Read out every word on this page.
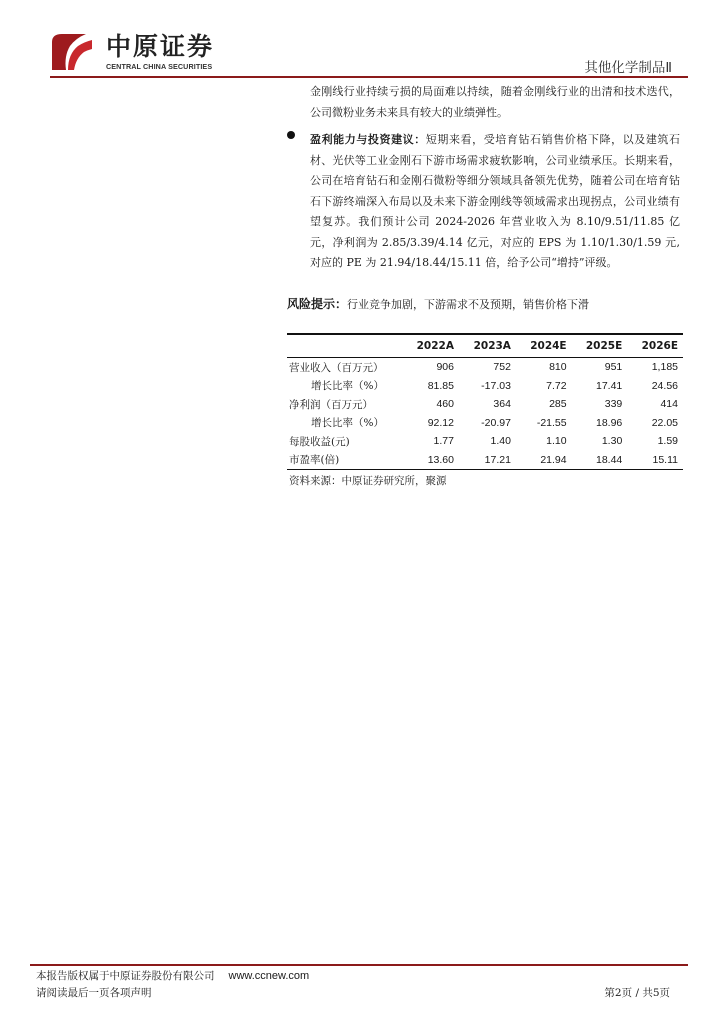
中原证券
CENTRAL CHINA SECURITIES	其他化学制品Ⅱ

金刚线行业持续亏损的局面难以持续，随着金刚线行业的出清和技术迭代，公司微粉业务未来具有较大的业绩弹性。

盈利能力与投资建议：短期来看，受培育钻石销售价格下降，以及建筑石材、光伏等工业金刚石下游市场需求疲软影响，公司业绩承压。长期来看，公司在培育钻石和金刚石微粉等细分领域具备领先优势，随着公司在培育钻石下游终端深入布局以及未来下游金刚线等领域需求出现拐点，公司业绩有望复苏。我们预计公司 2024-2026 年营业收入为 8.10/9.51/11.85 亿元，净利润为 2.85/3.39/4.14 亿元，对应的 EPS 为 1.10/1.30/1.59 元,对应的 PE 为 21.94/18.44/15.11 倍，给予公司“增持”评级。

风险提示：行业竞争加剧，下游需求不及预期，销售价格下滑

	2022A	2023A	2024E	2025E	2026E
营业收入（百万元）	906	752	810	951	1,185
增长比率（%）	81.85	-17.03	7.72	17.41	24.56
净利润（百万元）	460	364	285	339	414
增长比率（%）	92.12	-20.97	-21.55	18.96	22.05
每股收益(元)	1.77	1.40	1.10	1.30	1.59
市盈率(倍)	13.60	17.21	21.94	18.44	15.11
资料来源：中原证券研究所，聚源
本报告版权属于中原证券股份有限公司 www.ccnew.com
请阅读最后一页各项声明	第2页 / 共5页
